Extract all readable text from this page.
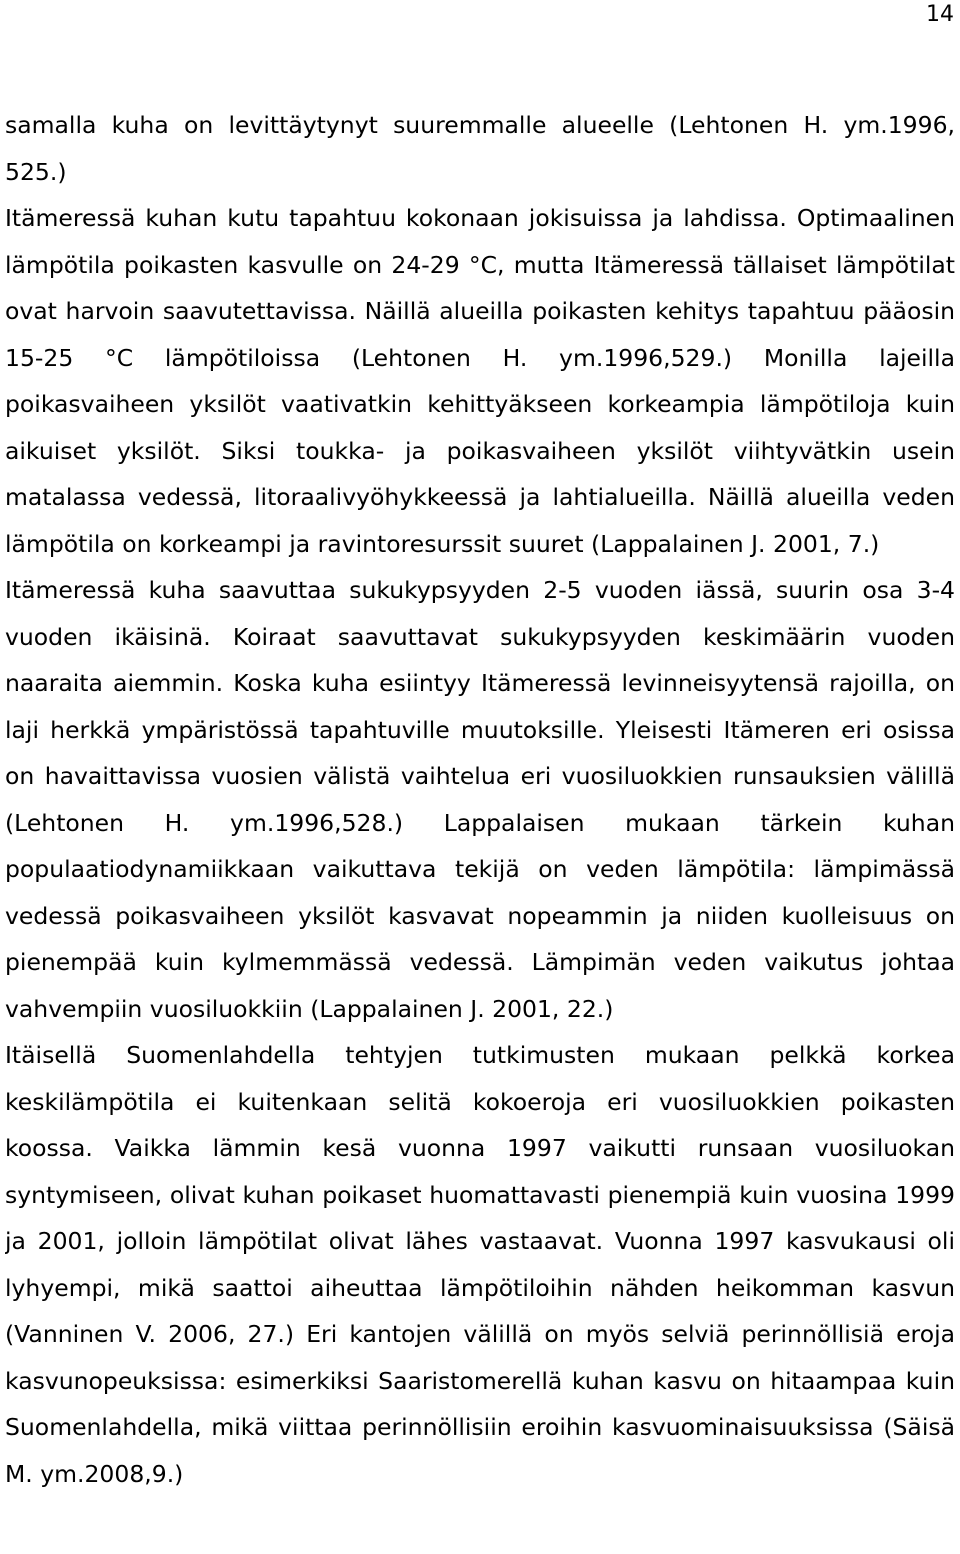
14
samalla kuha on levittäytynyt suuremmalle alueelle (Lehtonen H. ym.1996,
525.)
Itämeressä kuhan kutu tapahtuu kokonaan jokisuissa ja lahdissa. Optimaalinen
lämpötila poikasten kasvulle on 24-29 °C, mutta Itämeressä tällaiset lämpötilat
ovat harvoin saavutettavissa. Näillä alueilla poikasten kehitys tapahtuu pääosin
15-25 °C lämpötiloissa (Lehtonen H. ym.1996,529.) Monilla lajeilla
poikasvaiheen yksilöt vaativatkin kehittyäkseen korkeampia lämpötiloja kuin
aikuiset yksilöt. Siksi toukka- ja poikasvaiheen yksilöt viihtyvätkin usein
matalassa vedessä, litoraalivyöhykkeessä ja lahtialueilla. Näillä alueilla veden
lämpötila on korkeampi ja ravintoresurssit suuret (Lappalainen J. 2001, 7.)
Itämeressä kuha saavuttaa sukukypsyyden 2-5 vuoden iässä, suurin osa 3-4
vuoden ikäisinä. Koiraat saavuttavat sukukypsyyden keskimäärin vuoden
naaraita aiemmin. Koska kuha esiintyy Itämeressä levinneisyytensä rajoilla, on
laji herkkä ympäristössä tapahtuville muutoksille. Yleisesti Itämeren eri osissa
on havaittavissa vuosien välistä vaihtelua eri vuosiluokkien runsauksien välillä
(Lehtonen H. ym.1996,528.) Lappalaisen mukaan tärkein kuhan
populaatiodynamiikkaan vaikuttava tekijä on veden lämpötila: lämpimässä
vedessä poikasvaiheen yksilöt kasvavat nopeammin ja niiden kuolleisuus on
pienempää kuin kylmemmässä vedessä. Lämpimän veden vaikutus johtaa
vahvempiin vuosiluokkiin (Lappalainen J. 2001, 22.)
Itäisellä Suomenlahdella tehtyjen tutkimusten mukaan pelkkä korkea
keskilämpötila ei kuitenkaan selitä kokoeroja eri vuosiluokkien poikasten
koossa. Vaikka lämmin kesä vuonna 1997 vaikutti runsaan vuosiluokan
syntymiseen, olivat kuhan poikaset huomattavasti pienempiä kuin vuosina 1999
ja 2001, jolloin lämpötilat olivat lähes vastaavat. Vuonna 1997 kasvukausi oli
lyhyempi, mikä saattoi aiheuttaa lämpötiloihin nähden heikomman kasvun
(Vanninen V. 2006, 27.) Eri kantojen välillä on myös selviä perinnöllisiä eroja
kasvunopeuksissa: esimerkiksi Saaristomerellä kuhan kasvu on hitaampaa kuin
Suomenlahdella, mikä viittaa perinnöllisiin eroihin kasvuominaisuuksissa (Säisä
M. ym.2008,9.)
